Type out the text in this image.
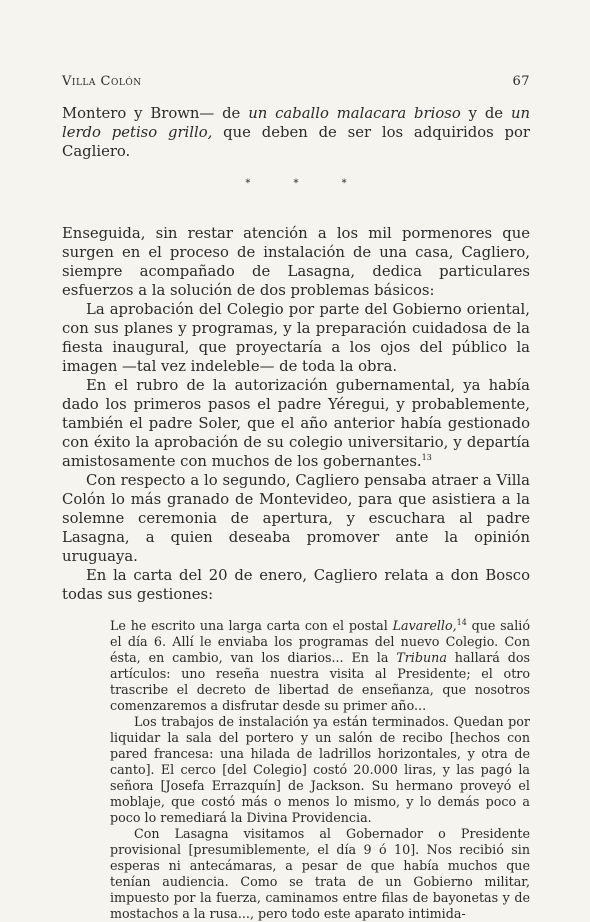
Villa Colón	67

Montero y Brown— de un caballo malacara brioso y de un lerdo petiso grillo, que deben de ser los adquiridos por Cagliero.

* * *

Enseguida, sin restar atención a los mil pormenores que surgen en el proceso de instalación de una casa, Cagliero, siempre acompañado de Lasagna, dedica particulares esfuerzos a la solución de dos problemas básicos:

La aprobación del Colegio por parte del Gobierno oriental, con sus planes y programas, y la preparación cuidadosa de la fiesta inaugural, que proyectaría a los ojos del público la imagen —tal vez indeleble— de toda la obra.

En el rubro de la autorización gubernamental, ya había dado los primeros pasos el padre Yéregui, y probablemente, también el padre Soler, que el año anterior había gestionado con éxito la aprobación de su colegio universitario, y departía amistosamente con muchos de los gobernantes.$^{13}$

Con respecto a lo segundo, Cagliero pensaba atraer a Villa Colón lo más granado de Montevideo, para que asistiera a la solemne ceremonia de apertura, y escuchara al padre Lasagna, a quien deseaba promover ante la opinión uruguaya.

En la carta del 20 de enero, Cagliero relata a don Bosco todas sus gestiones:

Le he escrito una larga carta con el postal Lavarello,$^{14}$ que salió el día 6. Allí le enviaba los programas del nuevo Colegio. Con ésta, en cambio, van los diarios... En la Tribuna hallará dos artículos: uno reseña nuestra visita al Presidente; el otro trascribe el decreto de libertad de enseñanza, que nosotros comenzaremos a disfrutar desde su primer año...

Los trabajos de instalación ya están terminados. Quedan por liquidar la sala del portero y un salón de recibo [hechos con pared francesa: una hilada de ladrillos horizontales, y otra de canto]. El cerco [del Colegio] costó 20.000 liras, y las pagó la señora [Josefa Errazquín] de Jackson. Su hermano proveyó el moblaje, que costó más o menos lo mismo, y lo demás poco a poco lo remediará la Divina Providencia.

Con Lasagna visitamos al Gobernador o Presidente provisional [presumiblemente, el día 9 ó 10]. Nos recibió sin esperas ni antecámaras, a pesar de que había muchos que tenían audiencia. Como se trata de un Gobierno militar, impuesto por la fuerza, caminamos entre filas de bayonetas y de mostachos a la rusa..., pero todo este aparato intimida-
